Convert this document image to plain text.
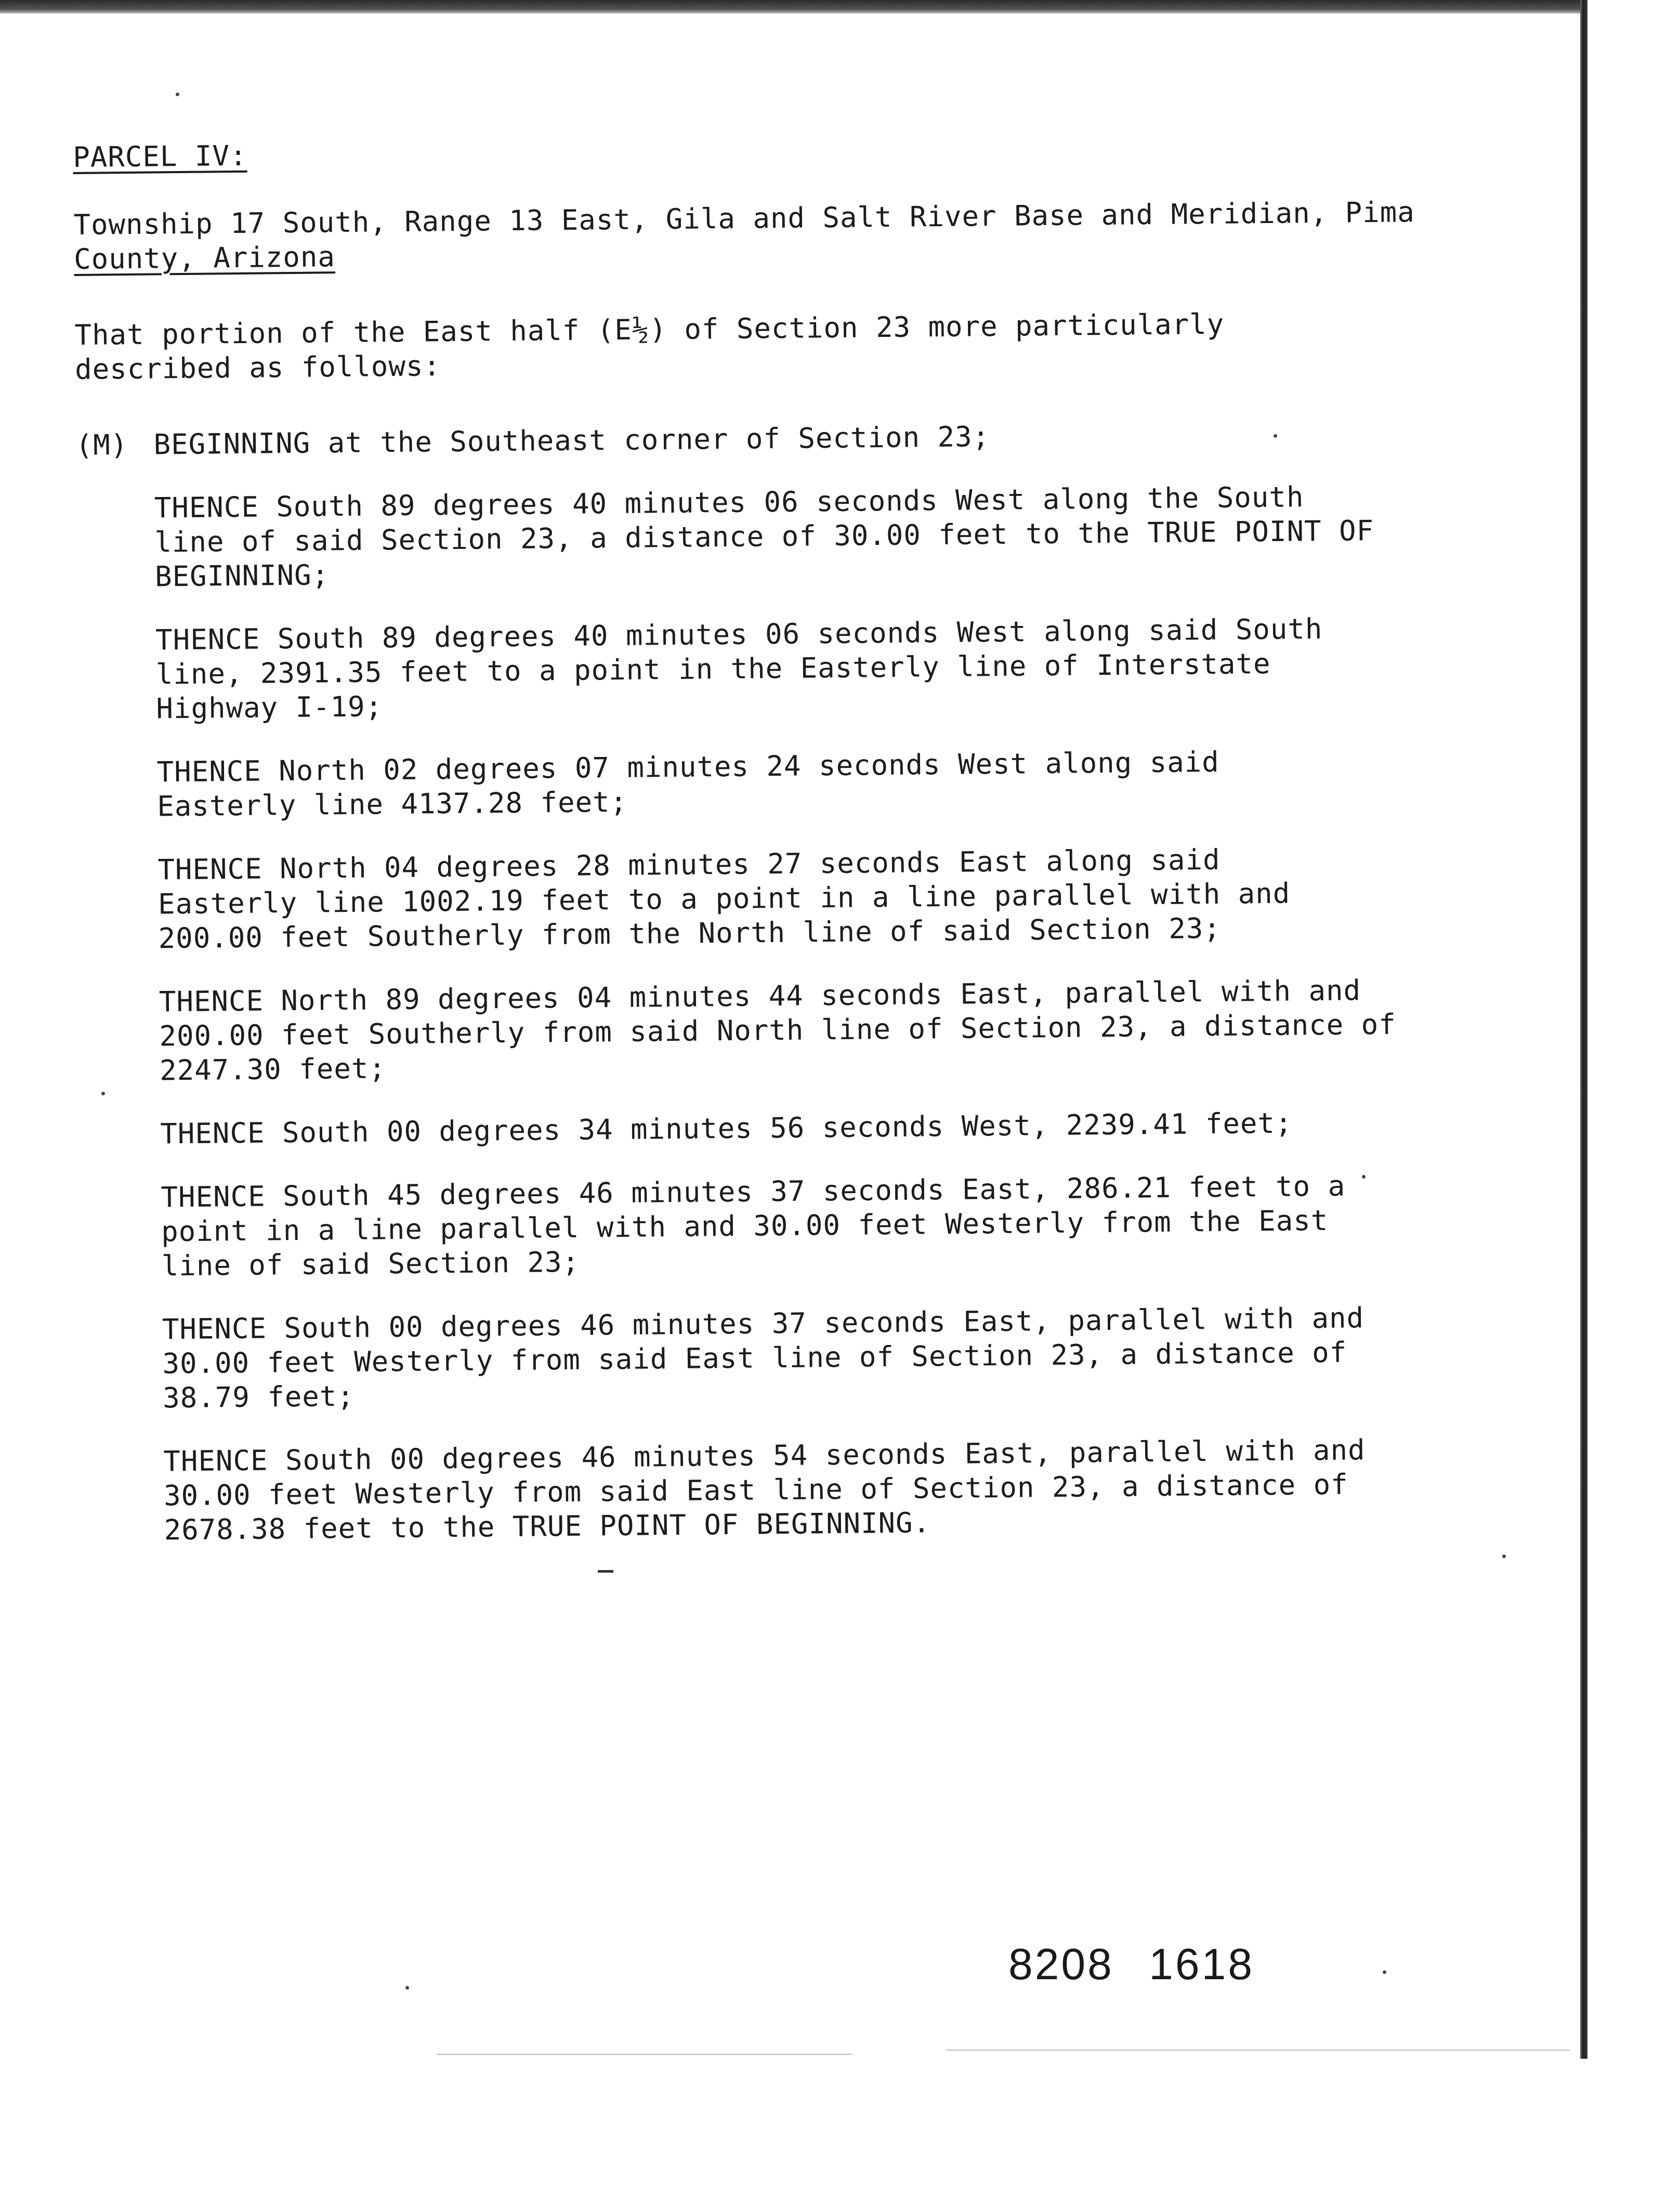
PARCEL IV:

Township 17 South, Range 13 East, Gila and Salt River Base and Meridian, Pima
County, Arizona

That portion of the East half (E½) of Section 23 more particularly described as follows:

(M) BEGINNING at the Southeast corner of Section 23;

THENCE South 89 degrees 40 minutes 06 seconds West along the South line of said Section 23, a distance of 30.00 feet to the TRUE POINT OF BEGINNING;

THENCE South 89 degrees 40 minutes 06 seconds West along said South line, 2391.35 feet to a point in the Easterly line of Interstate Highway I-19;

THENCE North 02 degrees 07 minutes 24 seconds West along said Easterly line 4137.28 feet;

THENCE North 04 degrees 28 minutes 27 seconds East along said Easterly line 1002.19 feet to a point in a line parallel with and 200.00 feet Southerly from the North line of said Section 23;

THENCE North 89 degrees 04 minutes 44 seconds East, parallel with and 200.00 feet Southerly from said North line of Section 23, a distance of 2247.30 feet;

THENCE South 00 degrees 34 minutes 56 seconds West, 2239.41 feet;

THENCE South 45 degrees 46 minutes 37 seconds East, 286.21 feet to a point in a line parallel with and 30.00 feet Westerly from the East line of said Section 23;

THENCE South 00 degrees 46 minutes 37 seconds East, parallel with and 30.00 feet Westerly from said East line of Section 23, a distance of 38.79 feet;

THENCE South 00 degrees 46 minutes 54 seconds East, parallel with and 30.00 feet Westerly from said East line of Section 23, a distance of 2678.38 feet to the TRUE POINT OF BEGINNING.

8208 1618
